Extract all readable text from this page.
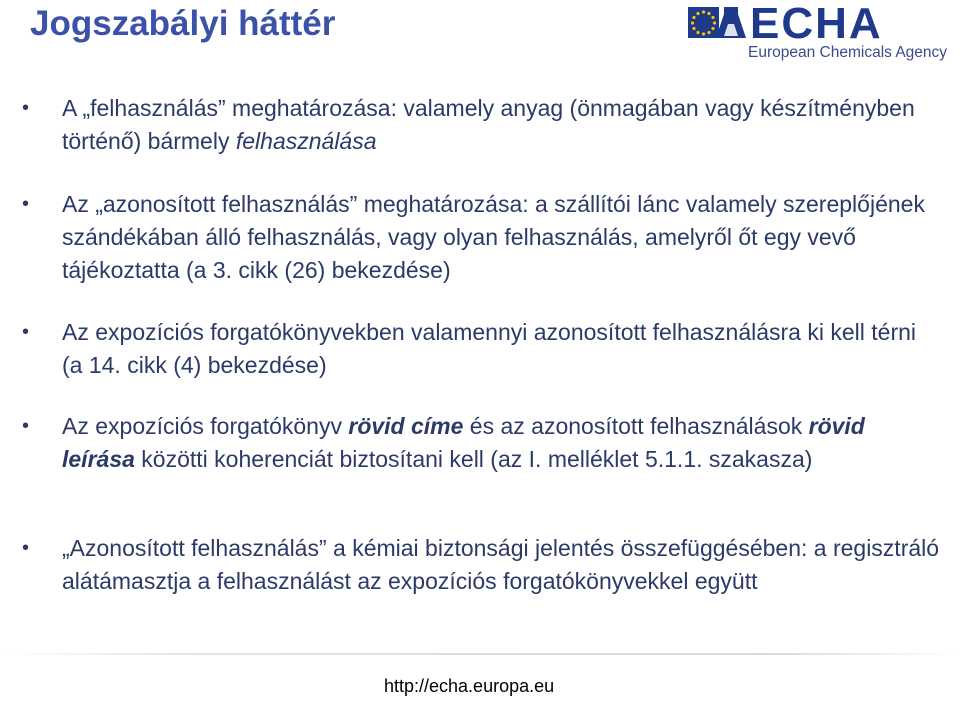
Jogszabályi háttér	ECHA
European Chemicals Agency
• A „felhasználás” meghatározása: valamely anyag (önmagában vagy készítményben történő) bármely felhasználása
• Az „azonosított felhasználás” meghatározása: a szállítói lánc valamely szereplőjének szándékában álló felhasználás, vagy olyan felhasználás, amelyről őt egy vevő tájékoztatta (a 3. cikk (26) bekezdése)
• Az expozíciós forgatókönyvekben valamennyi azonosított felhasználásra ki kell térni (a 14. cikk (4) bekezdése)
• Az expozíciós forgatókönyv rövid címe és az azonosított felhasználások rövid leírása közötti koherenciát biztosítani kell (az I. melléklet 5.1.1. szakasza)
• „Azonosított felhasználás” a kémiai biztonsági jelentés összefüggésében: a regisztráló alátámasztja a felhasználást az expozíciós forgatókönyvekkel együtt
http://echa.europa.eu
